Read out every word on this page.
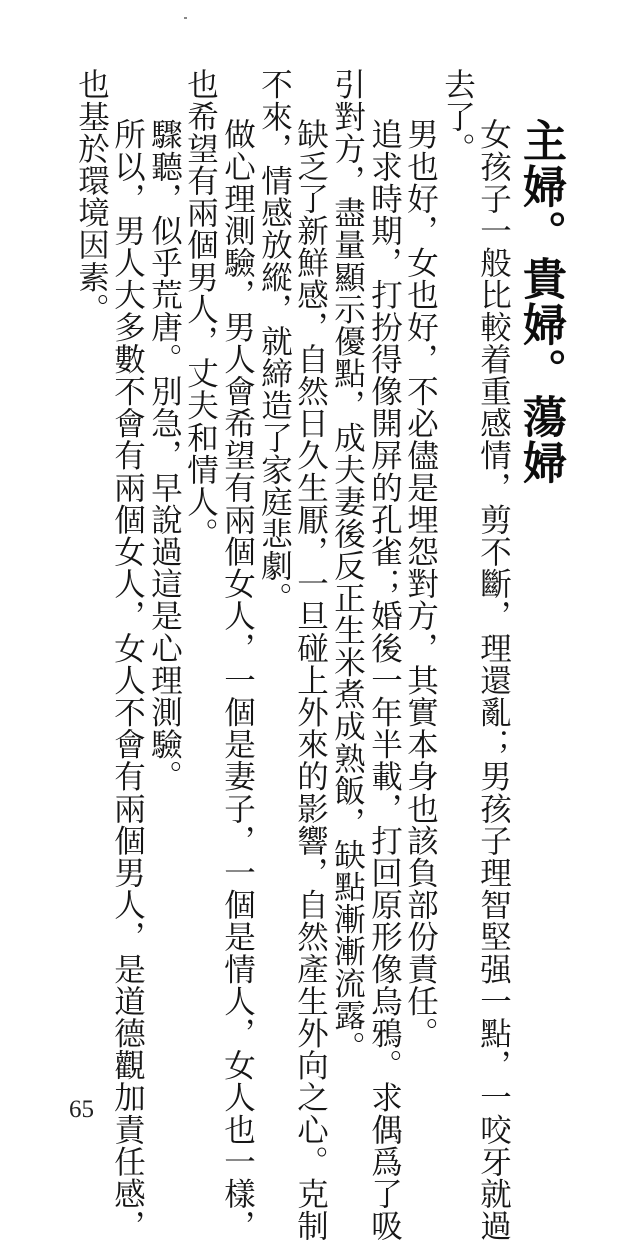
主婦。貴婦。蕩婦
女孩子一般比較着重感情，剪不斷，理還亂；男孩子理智堅强一點，一咬牙就過
去了。
男也好，女也好，不必儘是埋怨對方，其實本身也該負部份責任。
追求時期，打扮得像開屏的孔雀；婚後一年半載，打回原形像烏鴉。求偶爲了吸
引對方，盡量顯示優點，成夫妻後反正生米煮成熟飯，缺點漸漸流露。
缺乏了新鮮感，自然日久生厭，一旦碰上外來的影響，自然產生外向之心。克制
不來，情感放縱，就締造了家庭悲劇。
做心理測驗，男人會希望有兩個女人，一個是妻子，一個是情人，女人也一樣，
也希望有兩個男人，丈夫和情人。
驟聽，似乎荒唐。別急，早說過這是心理測驗。
所以，男人大多數不會有兩個女人，女人不會有兩個男人，是道德觀加責任感，
也基於環境因素。
65
